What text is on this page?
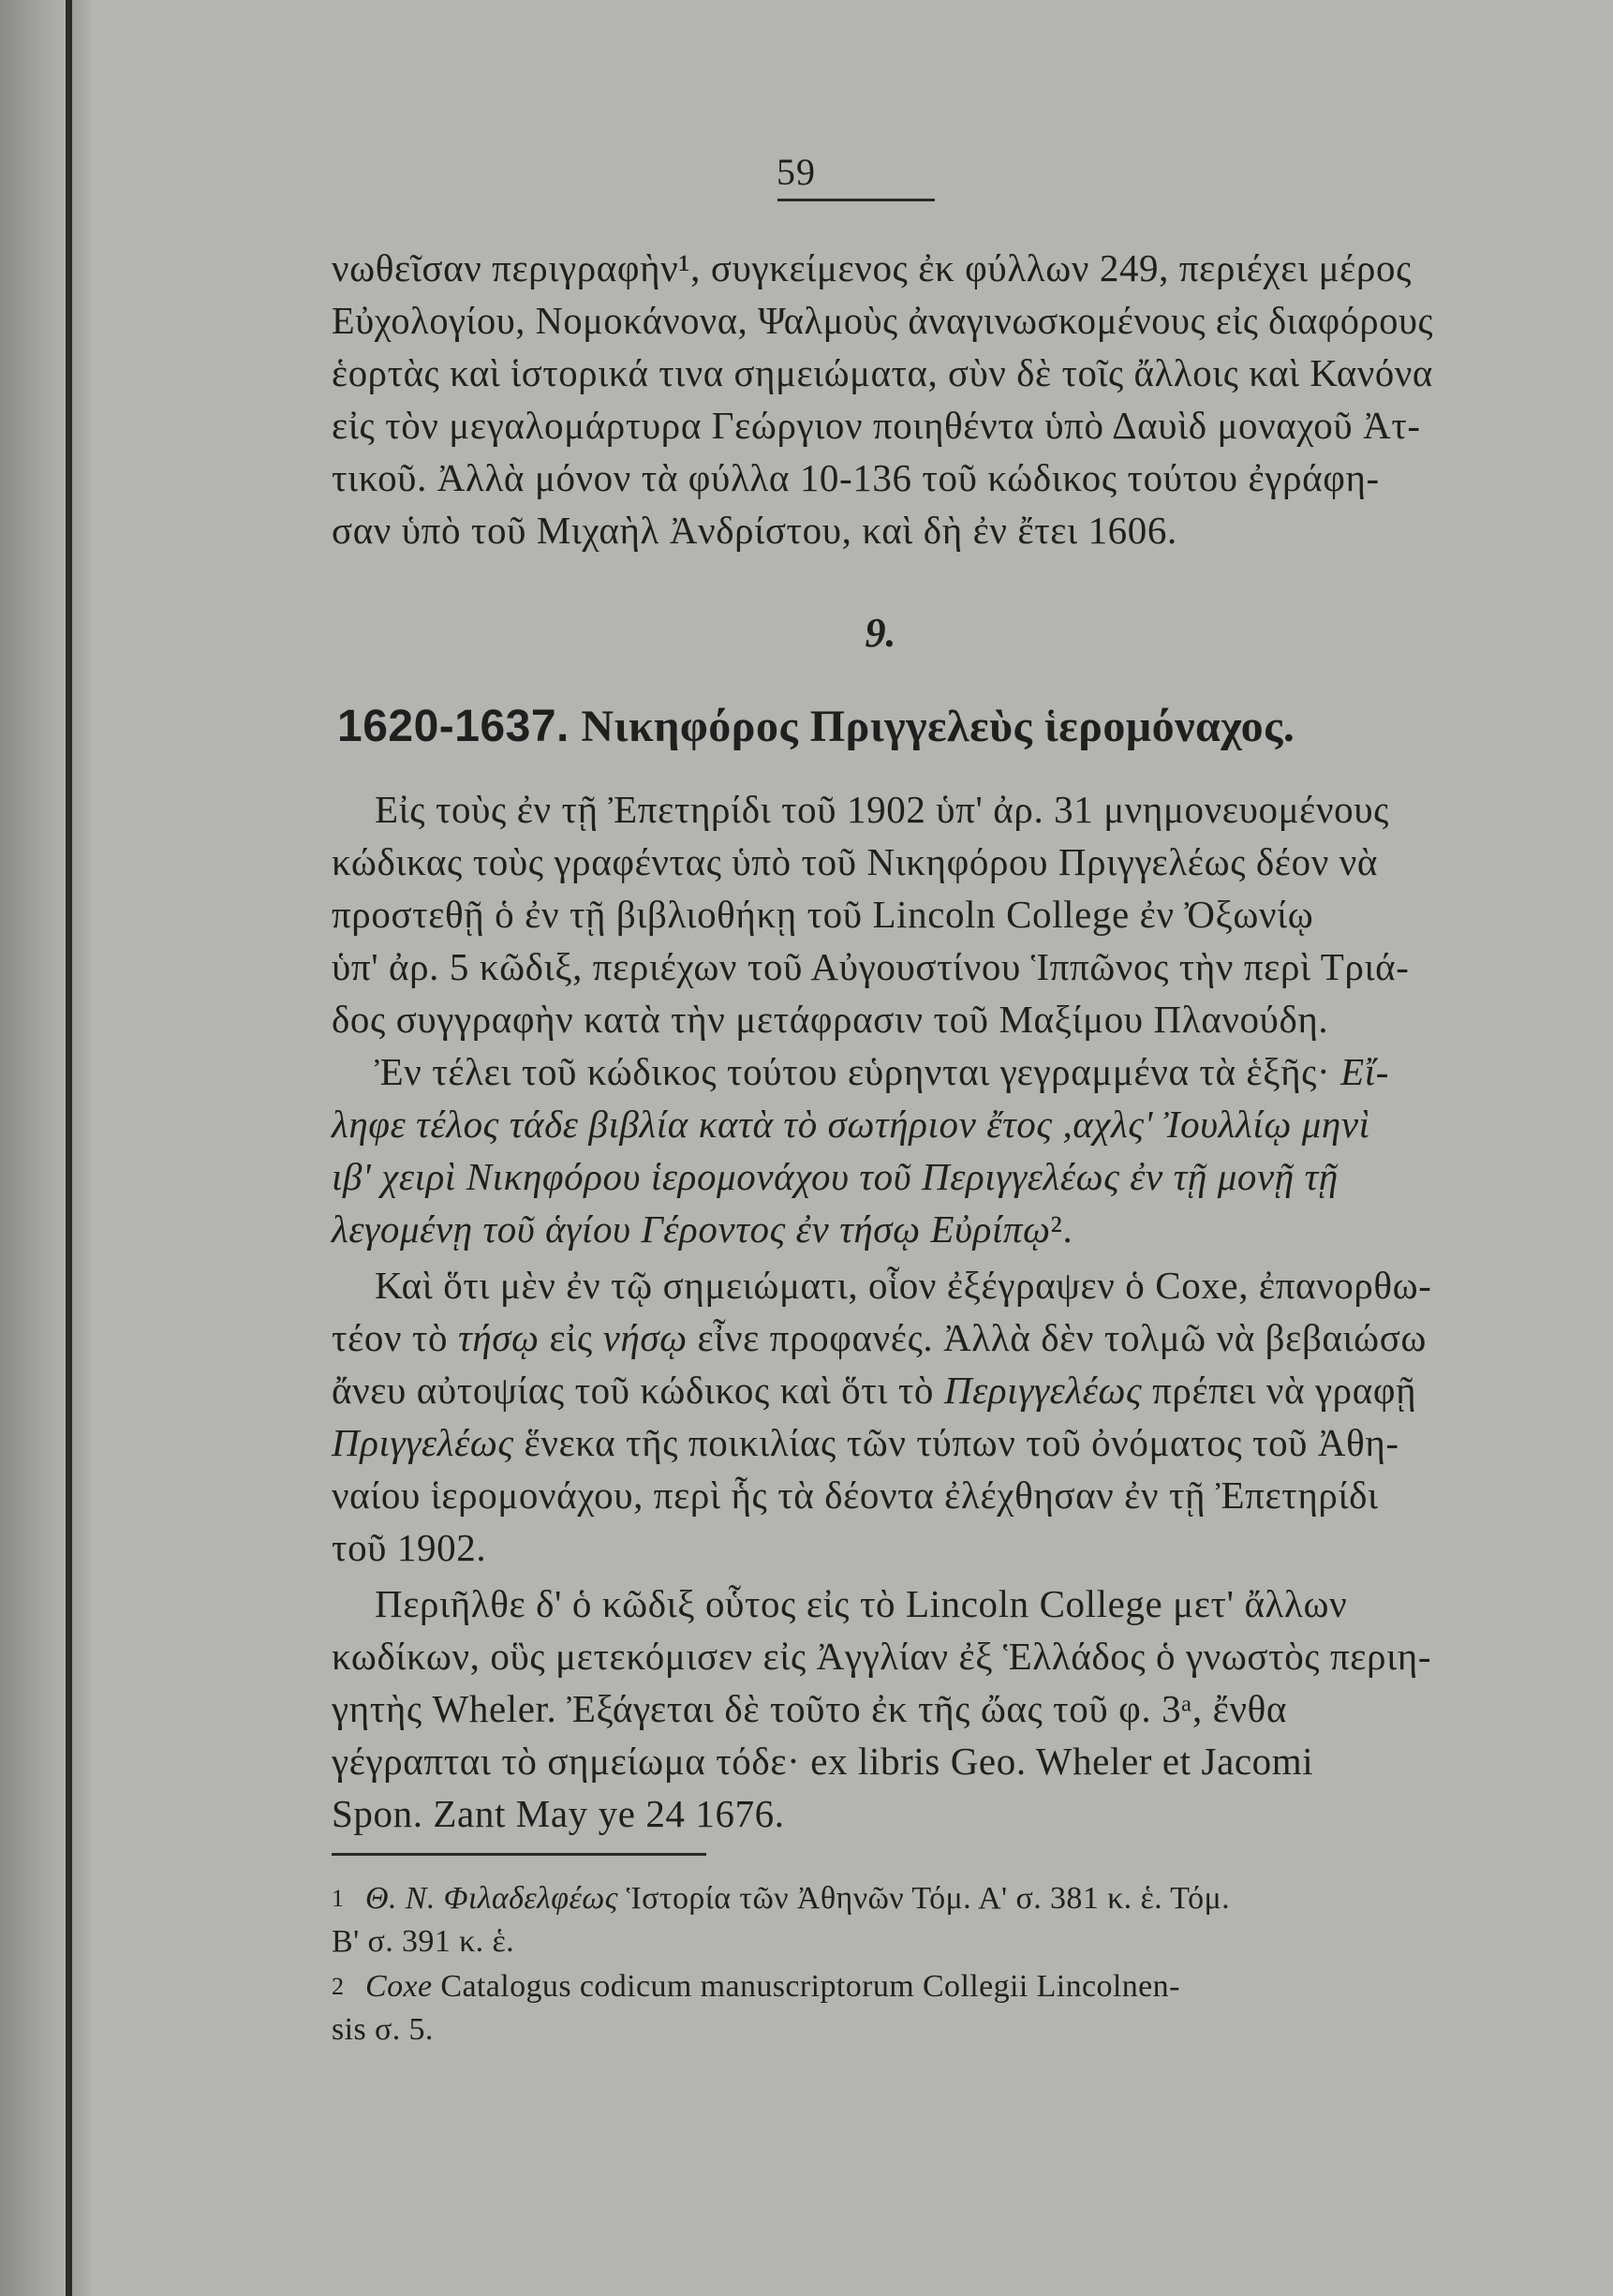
59
νωθεῖσαν περιγραφὴν¹, συγκείμενος ἐκ φύλλων 249, περιέχει μέρος
Εὐχολογίου, Νομοκάνονα, Ψαλμοὺς ἀναγινωσκομένους εἰς διαφόρους
ἑορτὰς καὶ ἱστορικά τινα σημειώματα, σὺν δὲ τοῖς ἄλλοις καὶ Κανόνα
εἰς τὸν μεγαλομάρτυρα Γεώργιον ποιηθέντα ὑπὸ Δαυὶδ μοναχοῦ Ἀτ-
τικοῦ. Ἀλλὰ μόνον τὰ φύλλα 10-136 τοῦ κώδικος τούτου ἐγράφη-
σαν ὑπὸ τοῦ Μιχαὴλ Ἀνδρίστου, καὶ δὴ ἐν ἔτει 1606.
9.
1620-1637. Νικηφόρος Πριγγελεὺς ἱερομόναχος.
Εἰς τοὺς ἐν τῇ Ἐπετηρίδι τοῦ 1902 ὑπ' ἀρ. 31 μνημονευομένους
κώδικας τοὺς γραφέντας ὑπὸ τοῦ Νικηφόρου Πριγγελέως δέον νὰ
προστεθῇ ὁ ἐν τῇ βιβλιοθήκῃ τοῦ Lincoln College ἐν Ὀξωνίῳ
ὑπ' ἀρ. 5 κῶδιξ, περιέχων τοῦ Αὐγουστίνου Ἱππῶνος τὴν περὶ Τριά-
δος συγγραφὴν κατὰ τὴν μετάφρασιν τοῦ Μαξίμου Πλανούδη.
Ἐν τέλει τοῦ κώδικος τούτου εὑρηνται γεγραμμένα τὰ ἑξῆς· Εἴ-
ληφε τέλος τάδε βιβλία κατὰ τὸ σωτήριον ἔτος ,αχλς' Ἰουλλίῳ μηνὶ
ιβ' χειρὶ Νικηφόρου ἱερομονάχου τοῦ Περιγγελέως ἐν τῇ μονῇ τῇ
λεγομένῃ τοῦ ἁγίου Γέροντος ἐν τήσῳ Εὐρίπῳ².
Καὶ ὅτι μὲν ἐν τῷ σημειώματι, οἷον ἐξέγραψεν ὁ Coxe, ἐπανορθω-
τέον τὸ τήσῳ εἰς νήσῳ εἶνε προφανές. Ἀλλὰ δὲν τολμῶ νὰ βεβαιώσω
ἄνευ αὐτοψίας τοῦ κώδικος καὶ ὅτι τὸ Περιγγελέως πρέπει νὰ γραφῇ
Πριγγελέως ἕνεκα τῆς ποικιλίας τῶν τύπων τοῦ ὀνόματος τοῦ Ἀθη-
ναίου ἱερομονάχου, περὶ ἧς τὰ δέοντα ἐλέχθησαν ἐν τῇ Ἐπετηρίδι
τοῦ 1902.
Περιῆλθε δ' ὁ κῶδιξ οὗτος εἰς τὸ Lincoln College μετ' ἄλλων
κωδίκων, οὓς μετεκόμισεν εἰς Ἀγγλίαν ἐξ Ἑλλάδος ὁ γνωστὸς περιη-
γητὴς Wheler. Ἐξάγεται δὲ τοῦτο ἐκ τῆς ὤας τοῦ φ. 3ᵃ, ἔνθα
γέγραπται τὸ σημείωμα τόδε· ex libris Geo. Wheler et Jacomi
Spon. Zant May ye 24 1676.
1 Θ. Ν. Φιλαδελφέως Ἱστορία τῶν Ἀθηνῶν Τόμ. Α' σ. 381 κ. ἑ. Τόμ.
Β' σ. 391 κ. ἑ.
2 Coxe Catalogus codicum manuscriptorum Collegii Lincolnen-
sis σ. 5.
